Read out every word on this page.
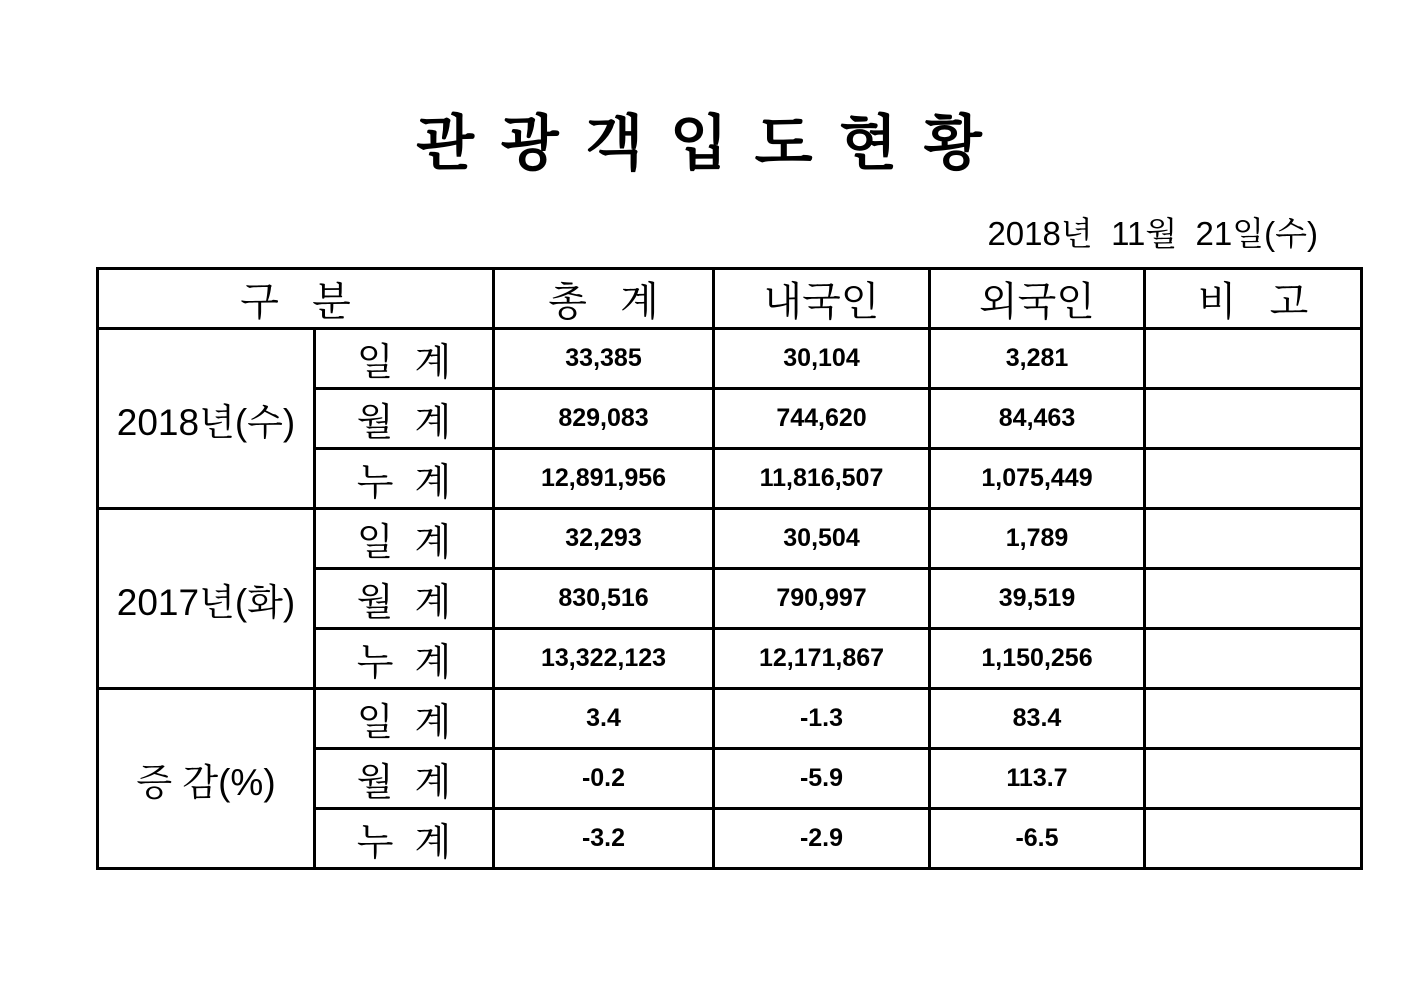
관 광 객 입 도 현 황
2018년  11월  21일(수)
구   분		총   계	내국인	외국인	비   고
2018년(수)	일  계	33,385	30,104	3,281	
	월  계	829,083	744,620	84,463	
	누  계	12,891,956	11,816,507	1,075,449	
2017년(화)	일  계	32,293	30,504	1,789	
	월  계	830,516	790,997	39,519	
	누  계	13,322,123	12,171,867	1,150,256	
증 감(%)	일  계	3.4	-1.3	83.4	
	월  계	-0.2	-5.9	113.7	
	누  계	-3.2	-2.9	-6.5	
